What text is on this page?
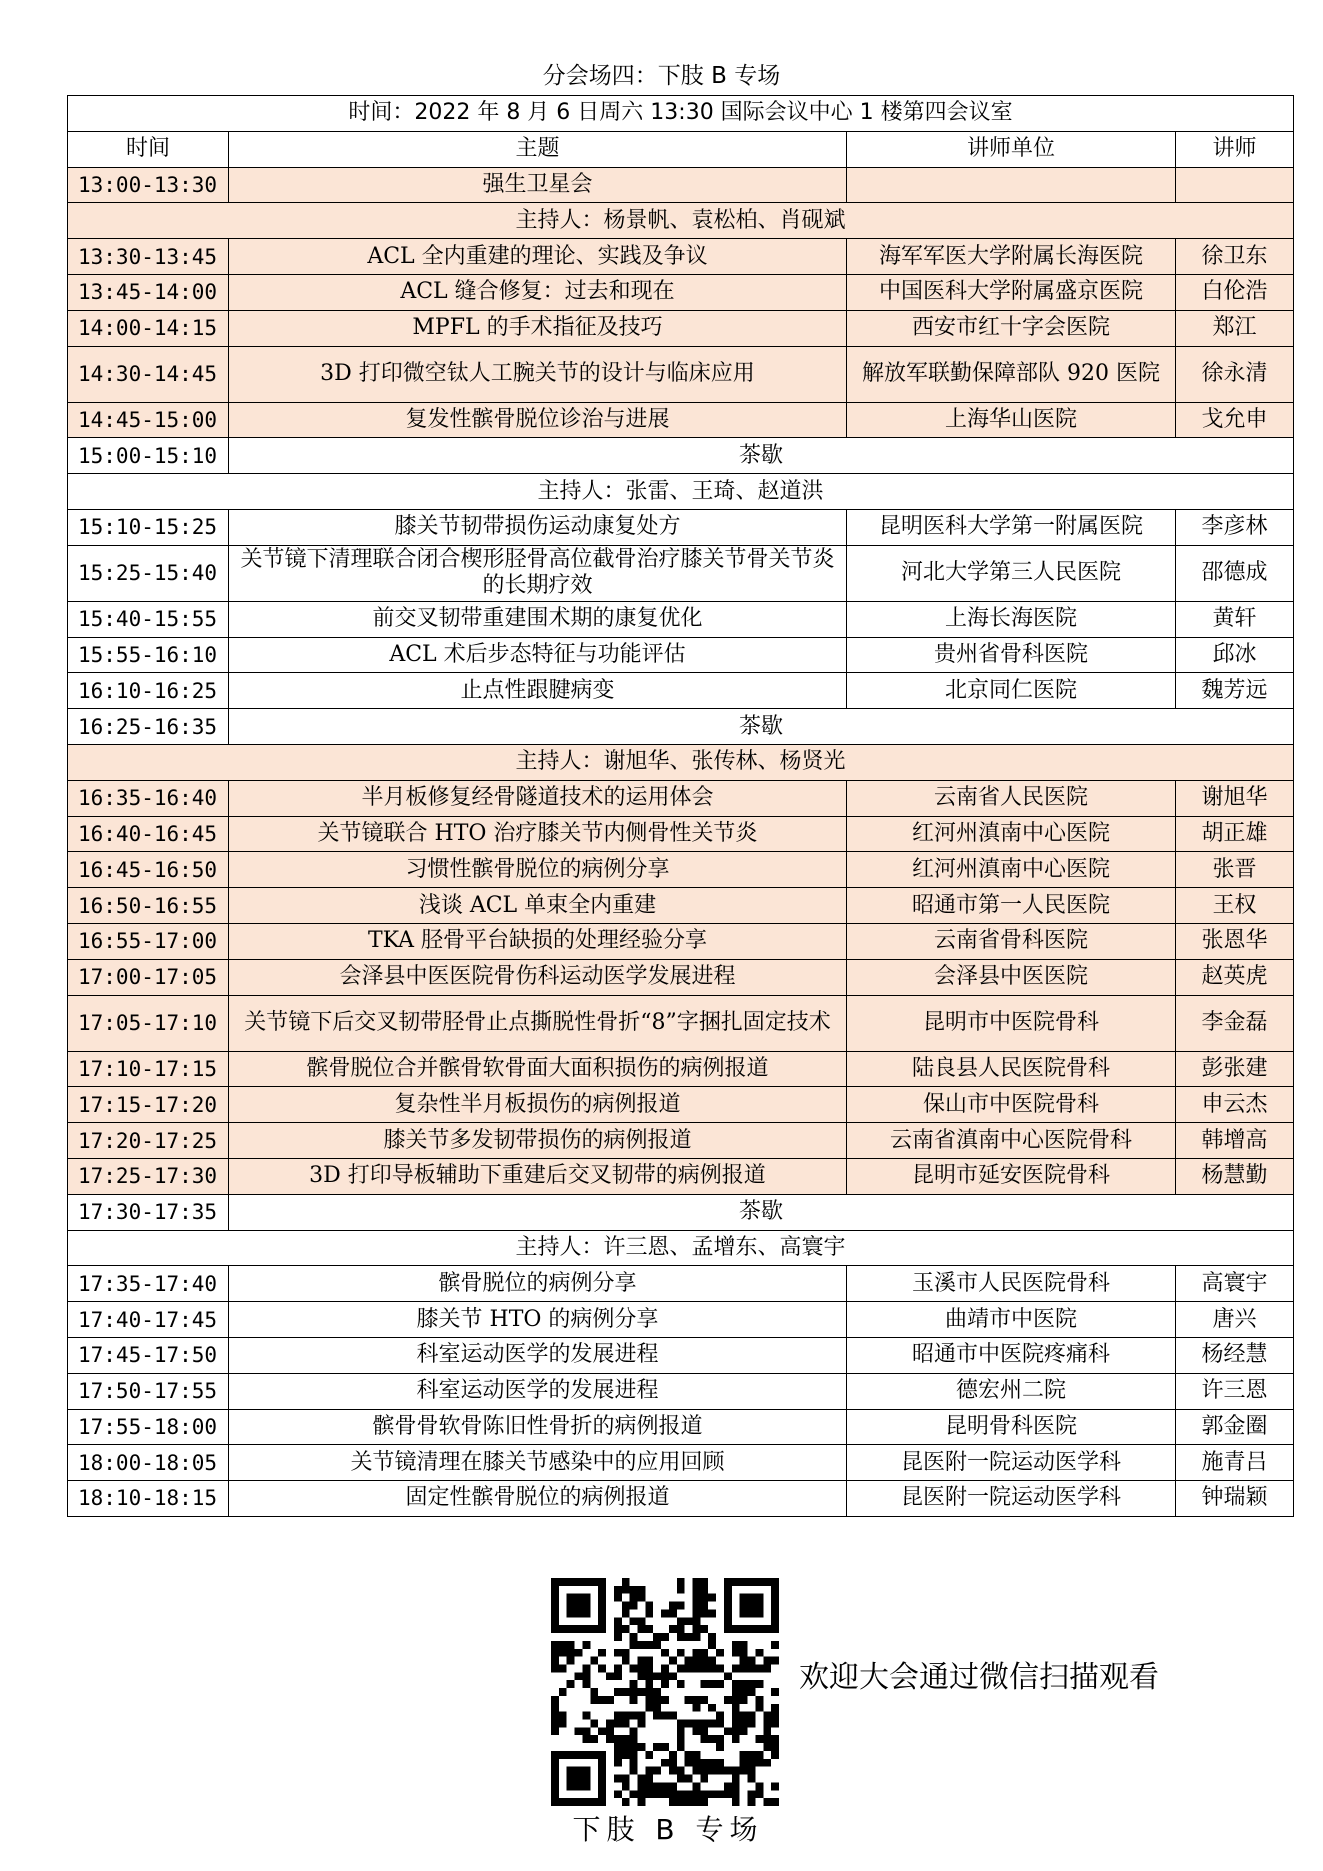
分会场四：下肢 B 专场
时间：2022 年 8 月 6 日周六 13:30 国际会议中心 1 楼第四会议室			
时间	主题	讲师单位	讲师
13:00-13:30	强生卫星会		
主持人：杨景帆、袁松柏、肖砚斌			
13:30-13:45	ACL 全内重建的理论、实践及争议	海军军医大学附属长海医院	徐卫东
13:45-14:00	ACL 缝合修复：过去和现在	中国医科大学附属盛京医院	白伦浩
14:00-14:15	MPFL 的手术指征及技巧	西安市红十字会医院	郑江
14:30-14:45	3D 打印微空钛人工腕关节的设计与临床应用	解放军联勤保障部队 920 医院	徐永清
14:45-15:00	复发性髌骨脱位诊治与进展	上海华山医院	戈允申
15:00-15:10	茶歇		
主持人：张雷、王琦、赵道洪			
15:10-15:25	膝关节韧带损伤运动康复处方	昆明医科大学第一附属医院	李彦林
15:25-15:40	关节镜下清理联合闭合楔形胫骨高位截骨治疗膝关节骨关节炎的长期疗效	河北大学第三人民医院	邵德成
15:40-15:55	前交叉韧带重建围术期的康复优化	上海长海医院	黄轩
15:55-16:10	ACL 术后步态特征与功能评估	贵州省骨科医院	邱冰
16:10-16:25	止点性跟腱病变	北京同仁医院	魏芳远
16:25-16:35	茶歇		
主持人：谢旭华、张传林、杨贤光			
16:35-16:40	半月板修复经骨隧道技术的运用体会	云南省人民医院	谢旭华
16:40-16:45	关节镜联合 HTO 治疗膝关节内侧骨性关节炎	红河州滇南中心医院	胡正雄
16:45-16:50	习惯性髌骨脱位的病例分享	红河州滇南中心医院	张晋
16:50-16:55	浅谈 ACL 单束全内重建	昭通市第一人民医院	王权
16:55-17:00	TKA 胫骨平台缺损的处理经验分享	云南省骨科医院	张恩华
17:00-17:05	会泽县中医医院骨伤科运动医学发展进程	会泽县中医医院	赵英虎
17:05-17:10	关节镜下后交叉韧带胫骨止点撕脱性骨折“8”字捆扎固定技术	昆明市中医院骨科	李金磊
17:10-17:15	髌骨脱位合并髌骨软骨面大面积损伤的病例报道	陆良县人民医院骨科	彭张建
17:15-17:20	复杂性半月板损伤的病例报道	保山市中医院骨科	申云杰
17:20-17:25	膝关节多发韧带损伤的病例报道	云南省滇南中心医院骨科	韩增高
17:25-17:30	3D 打印导板辅助下重建后交叉韧带的病例报道	昆明市延安医院骨科	杨慧勤
17:30-17:35	茶歇		
主持人：许三恩、孟增东、高寰宇			
17:35-17:40	髌骨脱位的病例分享	玉溪市人民医院骨科	高寰宇
17:40-17:45	膝关节 HTO 的病例分享	曲靖市中医院	唐兴
17:45-17:50	科室运动医学的发展进程	昭通市中医院疼痛科	杨经慧
17:50-17:55	科室运动医学的发展进程	德宏州二院	许三恩
17:55-18:00	髌骨骨软骨陈旧性骨折的病例报道	昆明骨科医院	郭金圈
18:00-18:05	关节镜清理在膝关节感染中的应用回顾	昆医附一院运动医学科	施青吕
18:10-18:15	固定性髌骨脱位的病例报道	昆医附一院运动医学科	钟瑞颖
下肢 B 专场
欢迎大会通过微信扫描观看
